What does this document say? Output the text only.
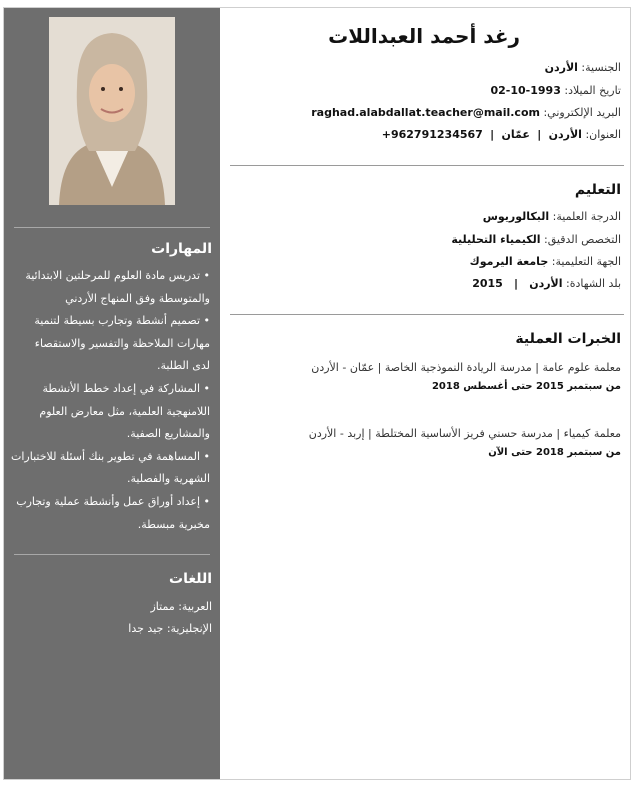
المهارات
• تدريس مادة العلوم للمرحلتين الابتدائية
والمتوسطة وفق المنهاج الأردني
• تصميم أنشطة وتجارب بسيطة لتنمية
مهارات الملاحظة والتفسير والاستقصاء
لدى الطلبة.
• المشاركة في إعداد خطط الأنشطة
اللامنهجية العلمية، مثل معارض العلوم
والمشاريع الصفية.
• المساهمة في تطوير بنك أسئلة للاختبارات
الشهرية والفصلية.
• إعداد أوراق عمل وأنشطة عملية وتجارب
مخبرية مبسطة.
اللغات
العربية: ممتاز
الإنجليزية: جيد جدا
رغد أحمد العبداللات
الجنسية: الأردن
تاريخ الميلاد: 1993-10-02
البريد الإلكتروني: raghad.alabdallat.teacher@mail.com
العنوان: الأردن  |  عمّان  |  +962791234567
التعليم
الدرجة العلمية: البكالوريوس
التخصص الدقيق: الكيمياء التحليلية
الجهة التعليمية: جامعة اليرموك
بلد الشهادة: الأردن   |   2015
الخبرات العملية
معلمة علوم عامة | مدرسة الريادة النموذجية الخاصة | عمّان - الأردن
من سبتمبر 2015 حتى أغسطس 2018
معلمة كيمياء | مدرسة حسني فريز الأساسية المختلطة | إربد - الأردن
من سبتمبر 2018 حتى الآن
